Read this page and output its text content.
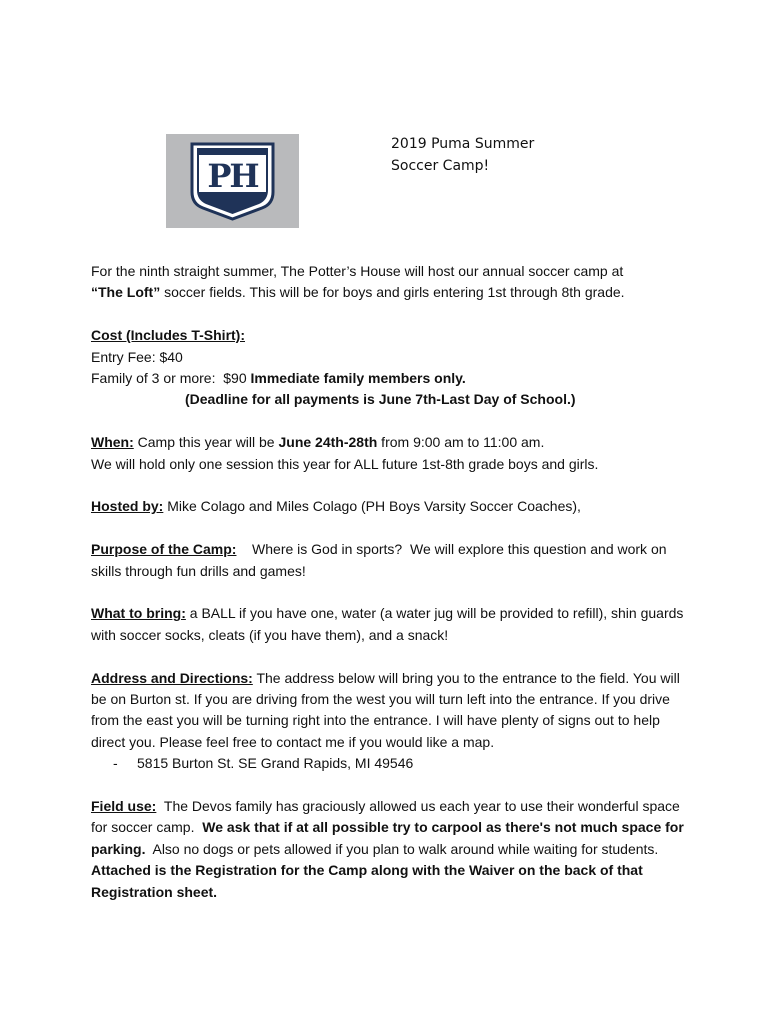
PH
2019 Puma Summer
Soccer Camp!

For the ninth straight summer, The Potter’s House will host our annual soccer camp at
“The Loft” soccer fields. This will be for boys and girls entering 1st through 8th grade.

Cost (Includes T-Shirt):
Entry Fee: $40
Family of 3 or more:  $90 Immediate family members only.

(Deadline for all payments is June 7th-Last Day of School.)

When: Camp this year will be June 24th-28th from 9:00 am to 11:00 am.
We will hold only one session this year for ALL future 1st-8th grade boys and girls.

Hosted by: Mike Colago and Miles Colago (PH Boys Varsity Soccer Coaches),

Purpose of the Camp:    Where is God in sports?  We will explore this question and work on skills through fun drills and games!

What to bring: a BALL if you have one, water (a water jug will be provided to refill), shin guards with soccer socks, cleats (if you have them), and a snack!

Address and Directions: The address below will bring you to the entrance to the field. You will be on Burton st. If you are driving from the west you will turn left into the entrance. If you drive from the east you will be turning right into the entrance. I will have plenty of signs out to help direct you. Please feel free to contact me if you would like a map.
- 5815 Burton St. SE Grand Rapids, MI 49546

Field use:  The Devos family has graciously allowed us each year to use their wonderful space for soccer camp.  We ask that if at all possible try to carpool as there's not much space for parking.  Also no dogs or pets allowed if you plan to walk around while waiting for students.  Attached is the Registration for the Camp along with the Waiver on the back of that Registration sheet.
